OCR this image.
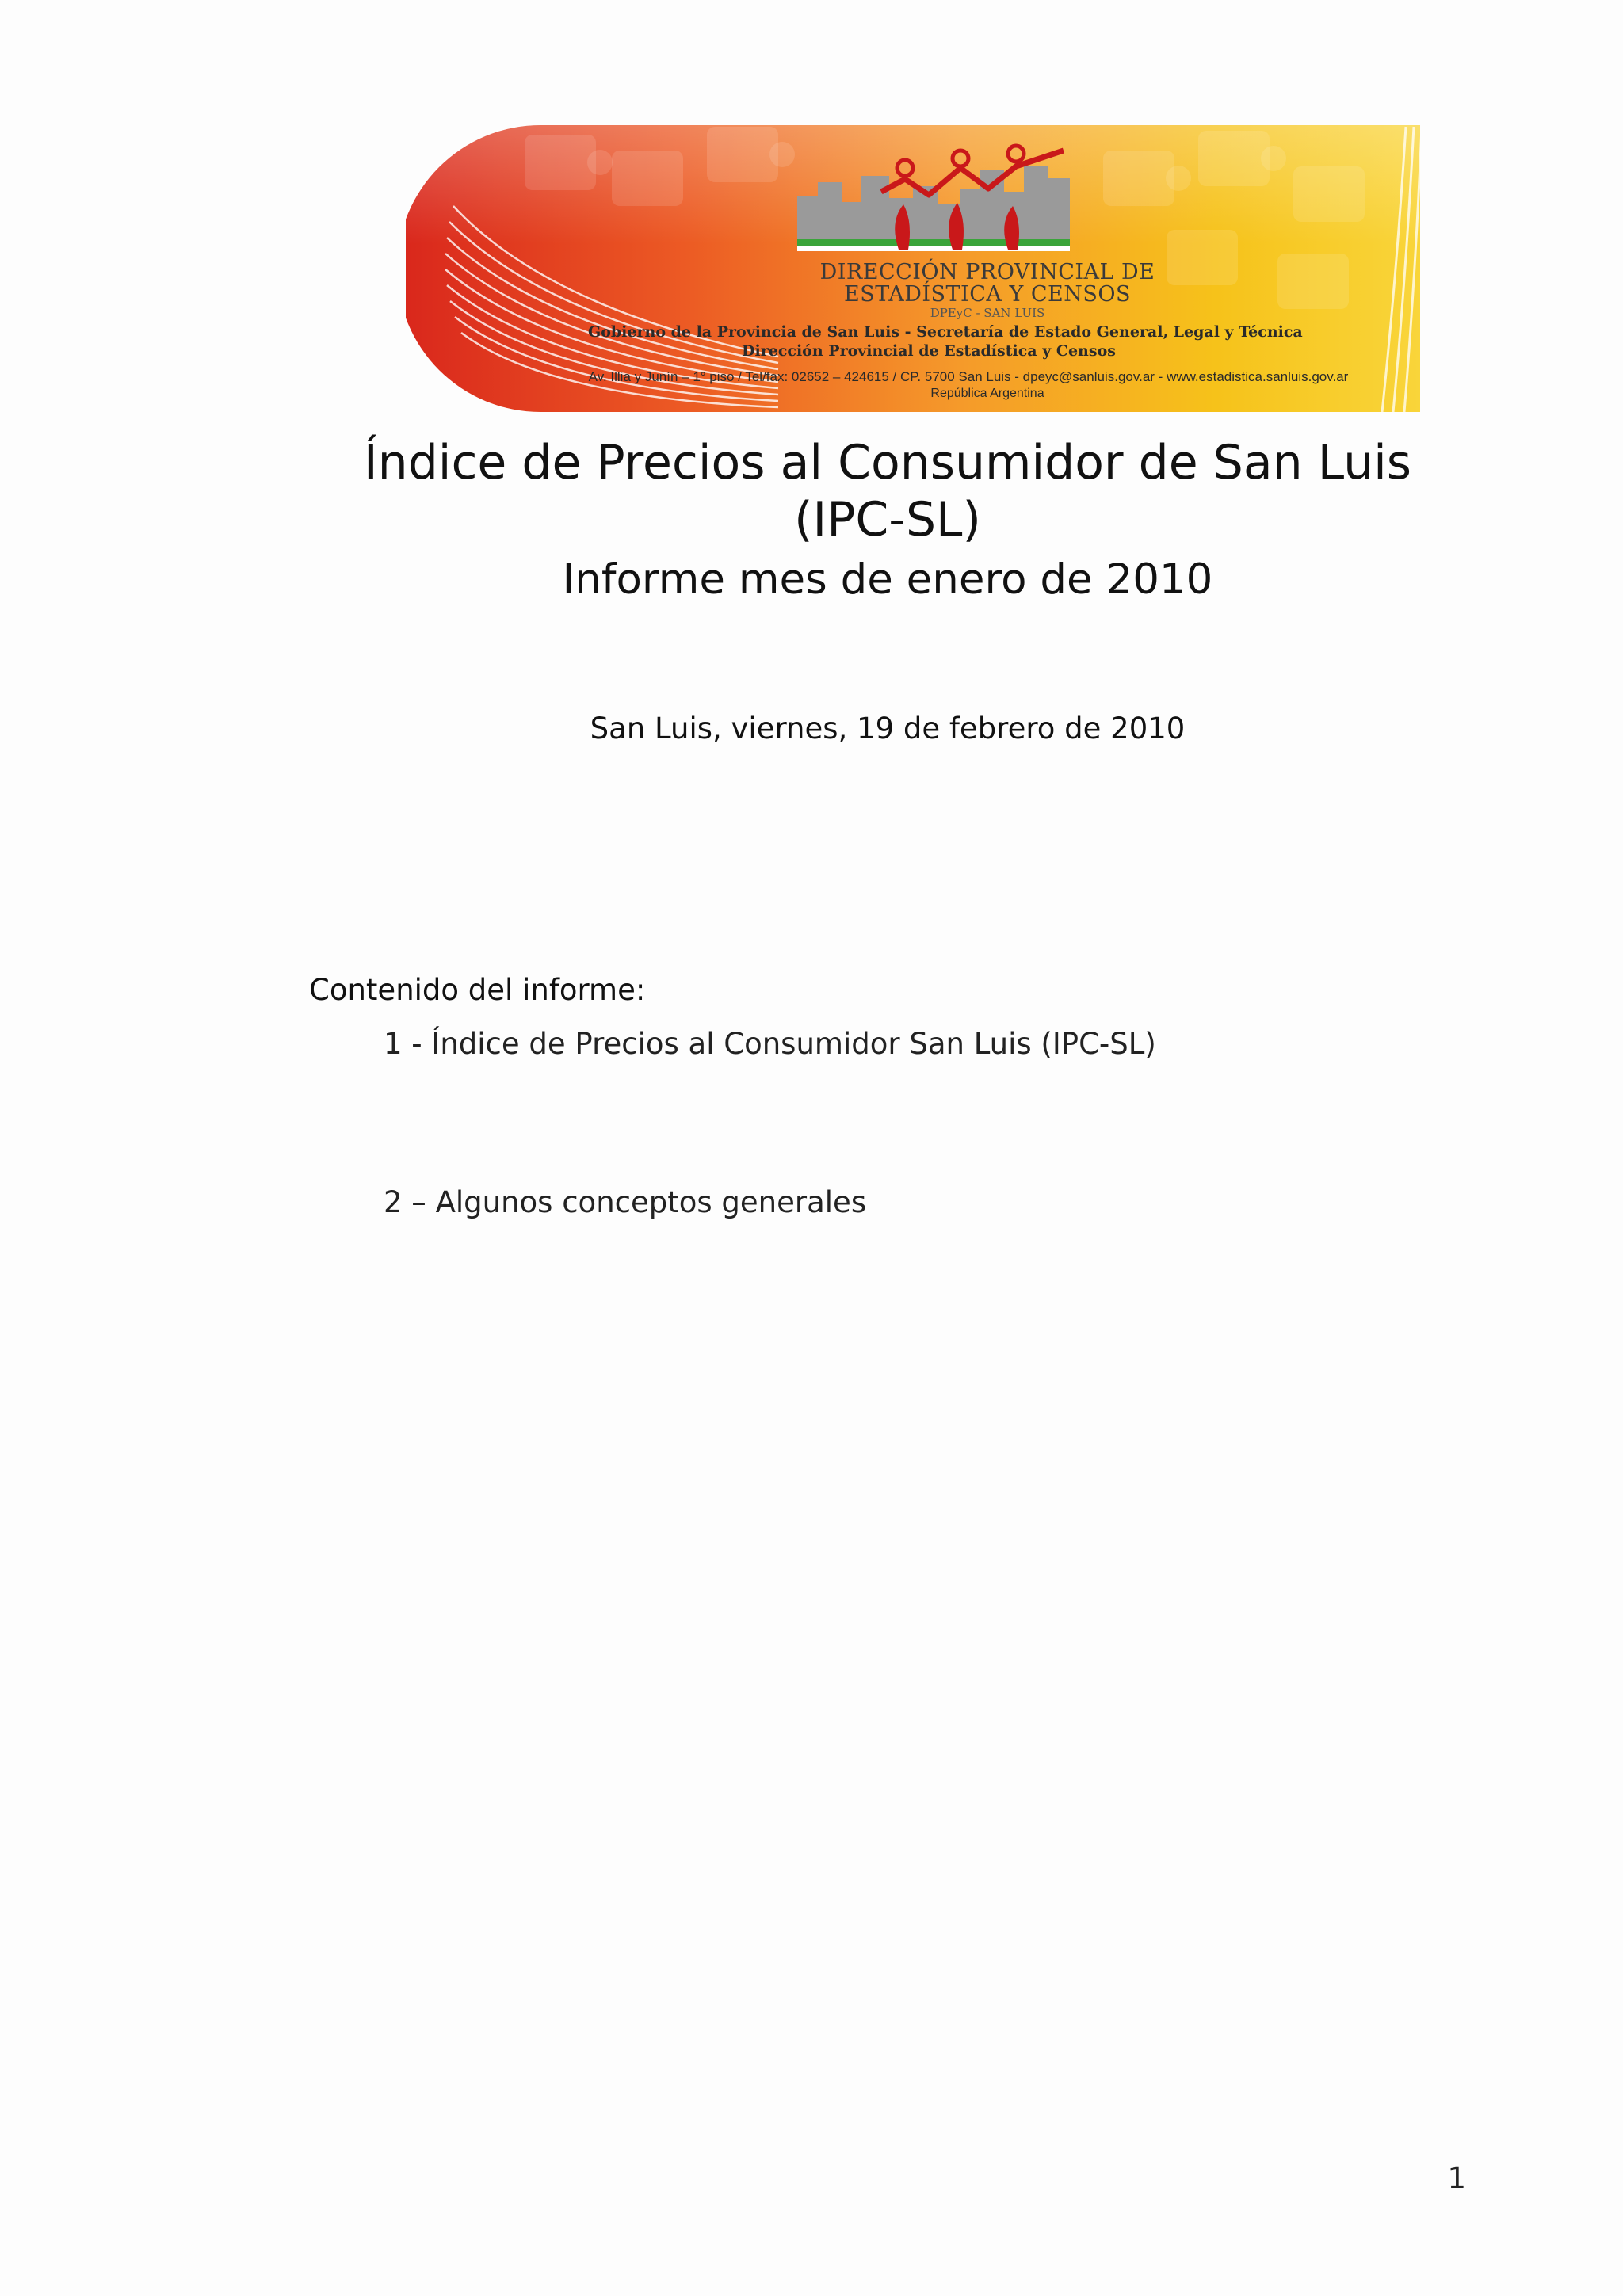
DIRECCIÓN PROVINCIAL DE
ESTADÍSTICA Y CENSOS
DPEyC - SAN LUIS
Gobierno de la Provincia de San Luis - Secretaría de Estado General, Legal y Técnica
Dirección Provincial de Estadística y Censos
Av. Illia y Junín – 1° piso / Tel/fax: 02652 – 424615 / CP. 5700 San Luis - dpeyc@sanluis.gov.ar - www.estadistica.sanluis.gov.ar
República Argentina
Índice de Precios al Consumidor de San Luis
(IPC-SL)
Informe mes de enero de 2010
San Luis, viernes, 19 de febrero de 2010
Contenido del informe:
1 - Índice de Precios al Consumidor San Luis (IPC-SL)
2 – Algunos conceptos generales
1
